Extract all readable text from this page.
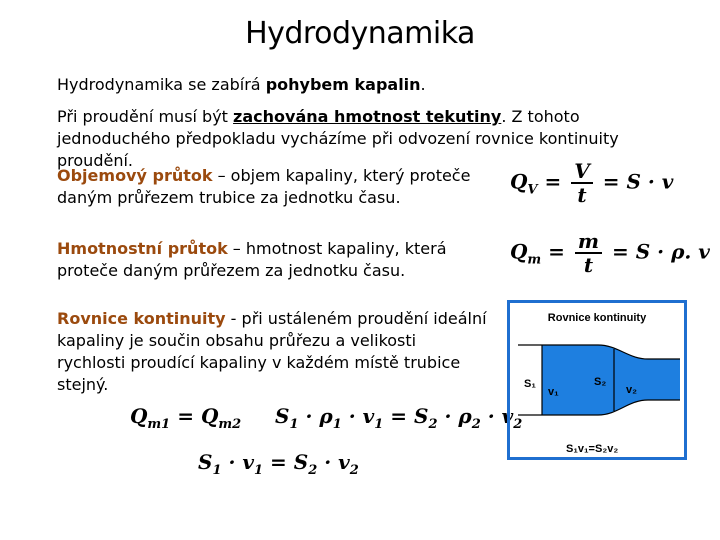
Hydrodynamika
Hydrodynamika se zabírá pohybem kapalin.
Při proudění musí být zachována hmotnost tekutiny. Z tohoto jednoduchého předpokladu vycházíme při odvození rovnice kontinuity proudění.
Objemový průtok – objem kapaliny, který proteče daným průřezem trubice za jednotku času.
$Q_V = \frac{V}{t} = S \cdot v$
Hmotnostní průtok – hmotnost kapaliny, která proteče daným průřezem za jednotku času.
$Q_m = \frac{m}{t} = S \cdot \rho$. v
Rovnice kontinuity - při ustáleném proudění ideální kapaliny je součin obsahu průřezu a velikosti rychlosti proudící kapaliny v každém místě trubice stejný.
$Q_{m1} = Q_{m2}$ $S_1 \cdot \rho_1 \cdot v_1 = S_2 \cdot \rho_2 \cdot v_2$
$S_1 \cdot v_1 = S_2 \cdot v_2$
Rovnice kontinuity
S₁
v₁
S₂
v₂
S₁v₁=S₂v₂
